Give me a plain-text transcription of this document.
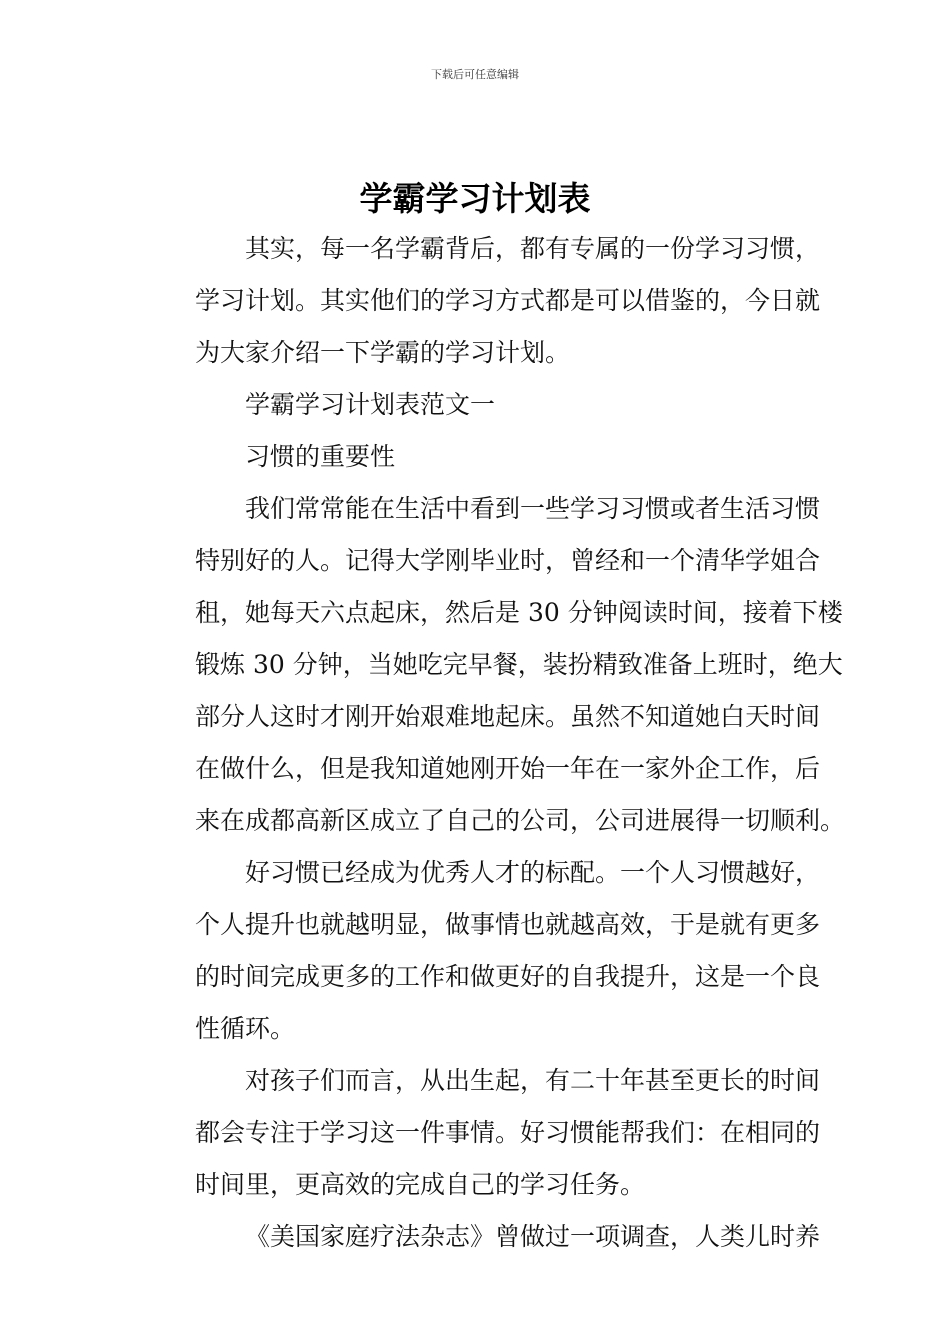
下载后可任意编辑
学霸学习计划表
其实，每一名学霸背后，都有专属的一份学习习惯，
学习计划。其实他们的学习方式都是可以借鉴的，今日就
为大家介绍一下学霸的学习计划。
学霸学习计划表范文一
习惯的重要性
我们常常能在生活中看到一些学习习惯或者生活习惯
特别好的人。记得大学刚毕业时，曾经和一个清华学姐合
租，她每天六点起床，然后是 30 分钟阅读时间，接着下楼
锻炼 30 分钟，当她吃完早餐，装扮精致准备上班时，绝大
部分人这时才刚开始艰难地起床。虽然不知道她白天时间
在做什么，但是我知道她刚开始一年在一家外企工作，后
来在成都高新区成立了自己的公司，公司进展得一切顺利。
好习惯已经成为优秀人才的标配。一个人习惯越好，
个人提升也就越明显，做事情也就越高效，于是就有更多
的时间完成更多的工作和做更好的自我提升，这是一个良
性循环。
对孩子们而言，从出生起，有二十年甚至更长的时间
都会专注于学习这一件事情。好习惯能帮我们：在相同的
时间里，更高效的完成自己的学习任务。
《美国家庭疗法杂志》曾做过一项调查，人类儿时养
